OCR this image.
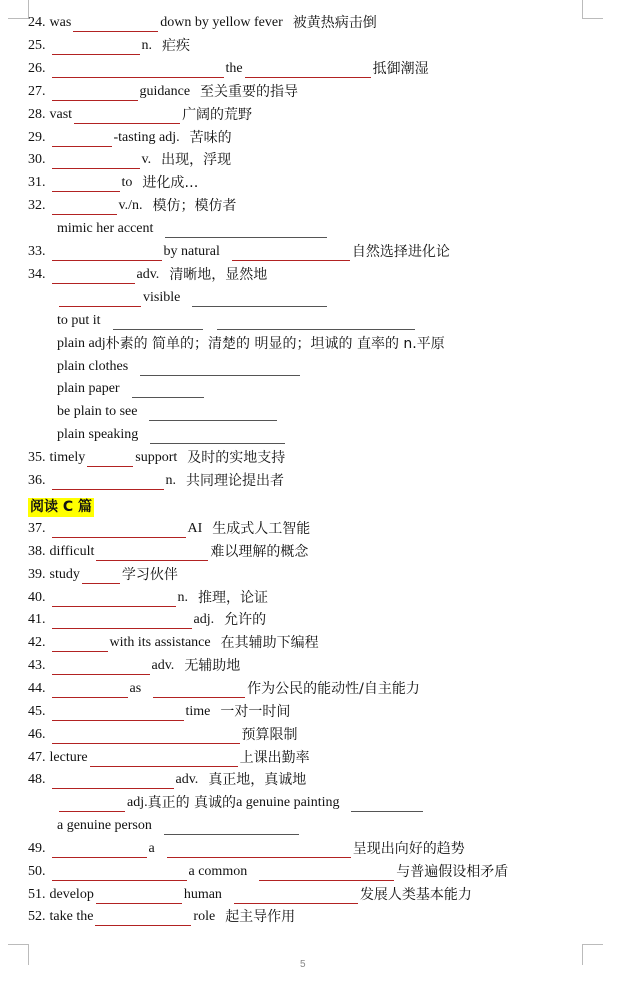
24. was	down by yellow fever 被黄热病击倒
25.	n. 疟疾
26.	the	抵御潮湿
27.	guidance 至关重要的指导
28. vast	广阔的荒野
29.	-tasting adj. 苦味的
30.	v. 出现，浮现
31.	to 进化成…
32.	v./n. 模仿；模仿者
mimic her accent
33.	by natural	自然选择进化论
34.	adv. 清晰地，显然地
visible
to put it
plain adj 朴素的 简单的；清楚的 明显的；坦诚的 直率的 n.平原
plain clothes
plain paper
be plain to see
plain speaking
35. timely	support 及时的实地支持
36.	n. 共同理论提出者
37.	AI 生成式人工智能
38. difficult	难以理解的概念
39. study	学习伙伴
40.	n. 推理，论证
41.	adj. 允许的
42.	with its assistance 在其辅助下编程
43.	adv. 无辅助地
44.	as	作为公民的能动性/自主能力
45.	time 一对一时间
46.	预算限制
47. lecture	上课出勤率
48.	adv. 真正地，真诚地
adj. 真正的 真诚的 a genuine painting
a genuine person
49.	a	呈现出向好的趋势
50.	a common	与普遍假设相矛盾
51. develop	human	发展人类基本能力
52. take the	role 起主导作用
阅读 C 篇
5
